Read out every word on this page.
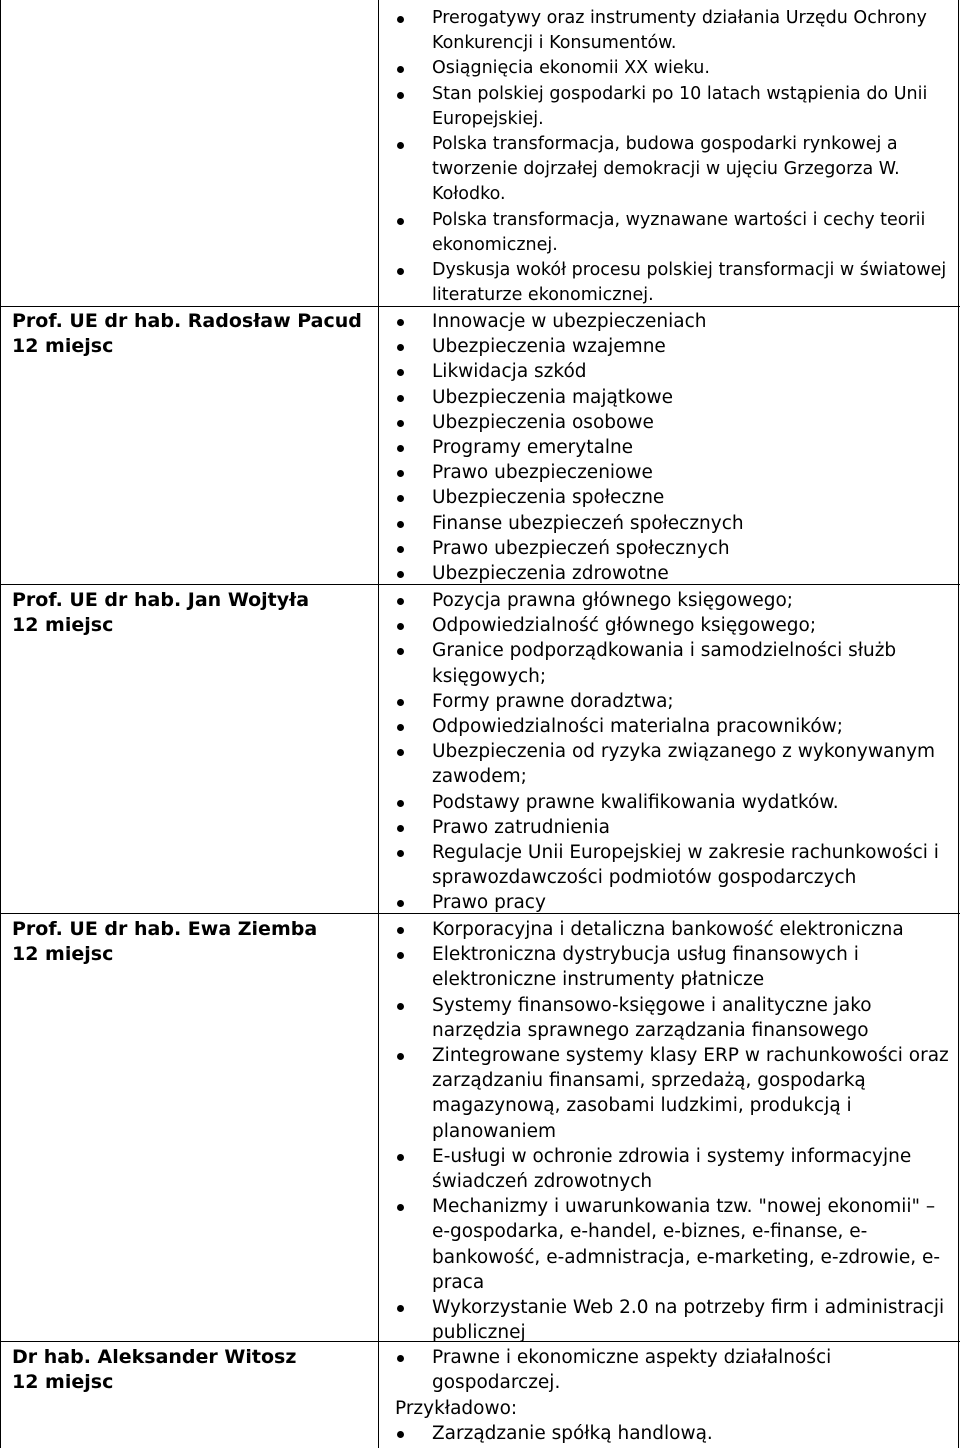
Prerogatywy oraz instrumenty działania Urzędu Ochrony Konkurencji i Konsumentów.
Osiągnięcia ekonomii XX wieku.
Stan polskiej gospodarki po 10 latach wstąpienia do Unii Europejskiej.
Polska transformacja, budowa gospodarki rynkowej a tworzenie dojrzałej demokracji w ujęciu Grzegorza W. Kołodko.
Polska transformacja, wyznawane wartości i cechy teorii ekonomicznej.
Dyskusja wokół procesu polskiej transformacji w światowej literaturze ekonomicznej.
Prof. UE dr hab. Radosław Pacud
12 miejsc
Innowacje w ubezpieczeniach
Ubezpieczenia wzajemne
Likwidacja szkód
Ubezpieczenia majątkowe
Ubezpieczenia osobowe
Programy emerytalne
Prawo ubezpieczeniowe
Ubezpieczenia społeczne
Finanse ubezpieczeń społecznych
Prawo ubezpieczeń społecznych
Ubezpieczenia zdrowotne
Prof. UE dr hab. Jan Wojtyła
12 miejsc
Pozycja prawna głównego księgowego;
Odpowiedzialność głównego księgowego;
Granice podporządkowania i samodzielności służb księgowych;
Formy prawne doradztwa;
Odpowiedzialności materialna pracowników;
Ubezpieczenia od ryzyka związanego z wykonywanym zawodem;
Podstawy prawne kwalifikowania wydatków.
Prawo zatrudnienia
Regulacje Unii Europejskiej w zakresie rachunkowości i sprawozdawczości podmiotów gospodarczych
Prawo pracy
Prof. UE dr hab. Ewa Ziemba
12 miejsc
Korporacyjna i detaliczna bankowość elektroniczna
Elektroniczna dystrybucja usług finansowych i elektroniczne instrumenty płatnicze
Systemy finansowo-księgowe i analityczne jako narzędzia sprawnego zarządzania finansowego
Zintegrowane systemy klasy ERP w rachunkowości oraz zarządzaniu finansami, sprzedażą, gospodarką magazynową, zasobami ludzkimi, produkcją i planowaniem
E-usługi w ochronie zdrowia i systemy informacyjne świadczeń zdrowotnych
Mechanizmy i uwarunkowania tzw. "nowej ekonomii" – e-gospodarka, e-handel, e-biznes, e-finanse, e-bankowość, e-admnistracja, e-marketing, e-zdrowie, e-praca
Wykorzystanie Web 2.0 na potrzeby firm i administracji publicznej
Dr hab. Aleksander Witosz
12 miejsc
Prawne i ekonomiczne aspekty działalności gospodarczej.
Przykładowo:
Zarządzanie spółką handlową.
